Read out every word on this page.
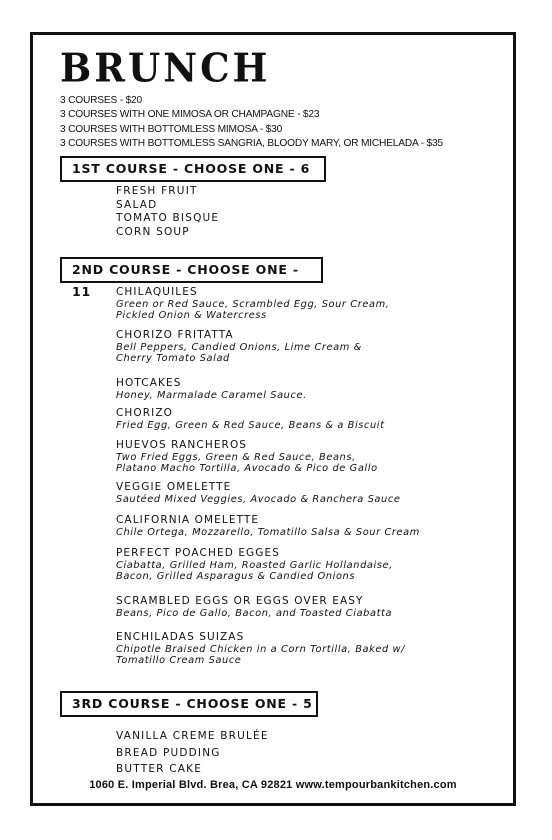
BRUNCH
3 COURSES - $20
3 COURSES WITH ONE MIMOSA OR CHAMPAGNE - $23
3 COURSES WITH BOTTOMLESS MIMOSA - $30
3 COURSES WITH BOTTOMLESS SANGRIA, BLOODY MARY, OR MICHELADA - $35
1ST COURSE - CHOOSE ONE - 6
FRESH FRUIT
SALAD
TOMATO BISQUE
CORN SOUP
2ND COURSE - CHOOSE ONE - 11	CHILAQUILES
Green or Red Sauce, Scrambled Egg, Sour Cream,
Pickled Onion & Watercress
CHORIZO FRITATTA
Bell Peppers, Candied Onions, Lime Cream &
Cherry Tomato Salad
HOTCAKES
Honey, Marmalade Caramel Sauce.
CHORIZO
Fried Egg, Green & Red Sauce, Beans & a Biscuit
HUEVOS RANCHEROS
Two Fried Eggs, Green & Red Sauce, Beans,
Platano Macho Tortilla, Avocado & Pico de Gallo
VEGGIE OMELETTE
Sautéed Mixed Veggies, Avocado & Ranchera Sauce
CALIFORNIA OMELETTE
Chile Ortega, Mozzarello, Tomatillo Salsa & Sour Cream
PERFECT POACHED EGGES
Ciabatta, Grilled Ham, Roasted Garlic Hollandaise,
Bacon, Grilled Asparagus & Candied Onions
SCRAMBLED EGGS OR EGGS OVER EASY
Beans, Pico de Gallo, Bacon, and Toasted Ciabatta
ENCHILADAS SUIZAS
Chipotle Braised Chicken in a Corn Tortilla, Baked w/
Tomatillo Cream Sauce
3RD COURSE - CHOOSE ONE - 5
VANILLA CREME BRULÉE
BREAD PUDDING
BUTTER CAKE
1060 E. Imperial Blvd. Brea, CA 92821 www.tempourbankitchen.com
